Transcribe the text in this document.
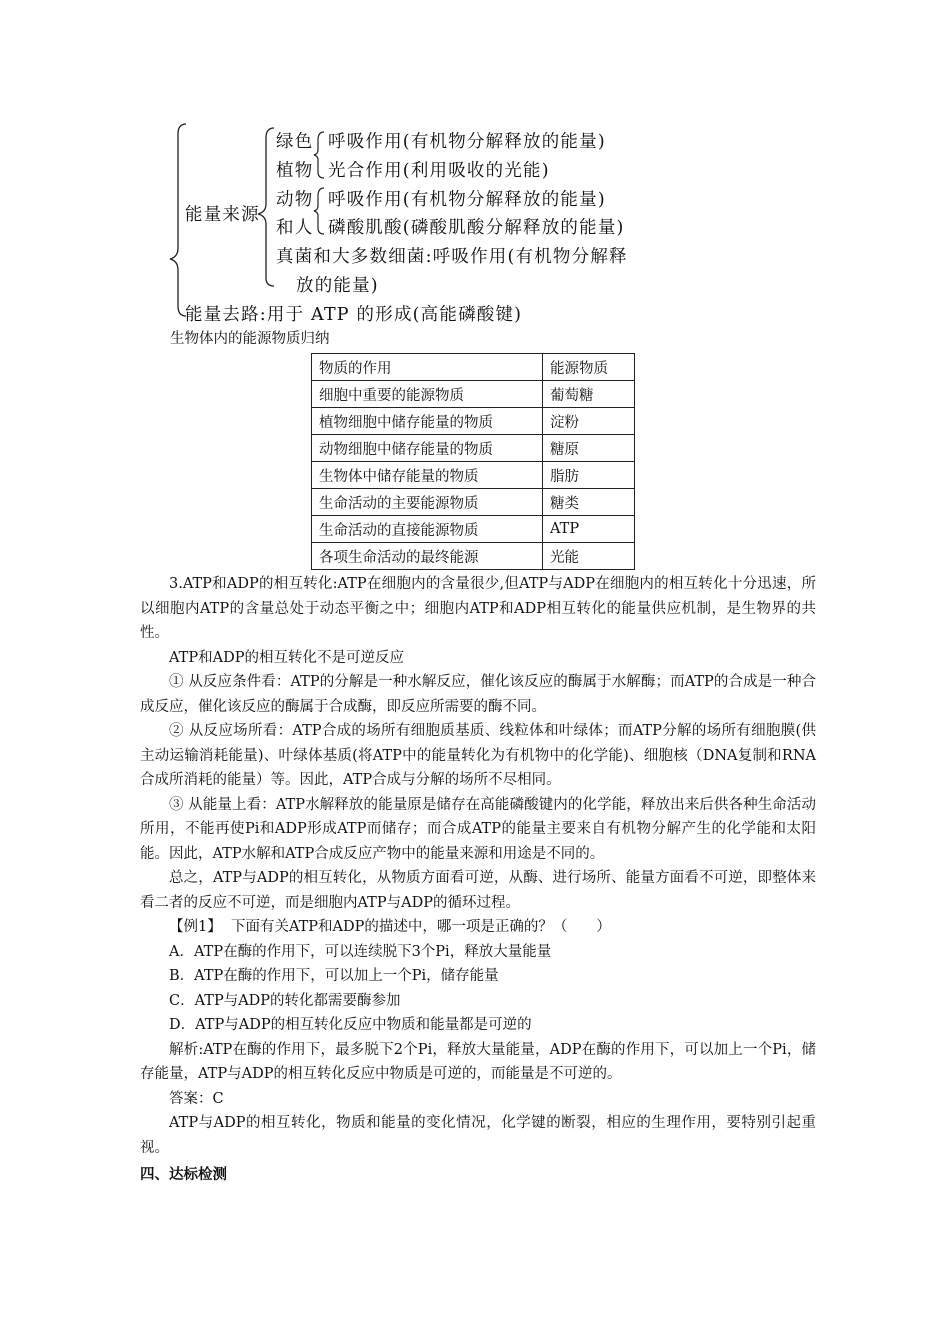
能量来源
绿色
植物
呼吸作用(有机物分解释放的能量)
光合作用(利用吸收的光能)
动物
和人
呼吸作用(有机物分解释放的能量)
磷酸肌酸(磷酸肌酸分解释放的能量)
真菌和大多数细菌:呼吸作用(有机物分解释
放的能量)
能量去路:用于 ATP 的形成(高能磷酸键)
生物体内的能源物质归纳
物质的作用	能源物质
细胞中重要的能源物质	葡萄糖
植物细胞中储存能量的物质	淀粉
动物细胞中储存能量的物质	糖原
生物体中储存能量的物质	脂肪
生命活动的主要能源物质	糖类
生命活动的直接能源物质	ATP
各项生命活动的最终能源	光能

3.ATP和ADP的相互转化:ATP在细胞内的含量很少,但ATP与ADP在细胞内的相互转化十分迅速，所以细胞内ATP的含量总处于动态平衡之中；细胞内ATP和ADP相互转化的能量供应机制，是生物界的共性。

ATP和ADP的相互转化不是可逆反应

① 从反应条件看：ATP的分解是一种水解反应，催化该反应的酶属于水解酶；而ATP的合成是一种合成反应，催化该反应的酶属于合成酶，即反应所需要的酶不同。

② 从反应场所看：ATP合成的场所有细胞质基质、线粒体和叶绿体；而ATP分解的场所有细胞膜(供主动运输消耗能量)、叶绿体基质(将ATP中的能量转化为有机物中的化学能)、细胞核（DNA复制和RNA合成所消耗的能量）等。因此，ATP合成与分解的场所不尽相同。

③ 从能量上看：ATP水解释放的能量原是储存在高能磷酸键内的化学能，释放出来后供各种生命活动所用，不能再使Pi和ADP形成ATP而储存；而合成ATP的能量主要来自有机物分解产生的化学能和太阳能。因此，ATP水解和ATP合成反应产物中的能量来源和用途是不同的。

总之，ATP与ADP的相互转化，从物质方面看可逆，从酶、进行场所、能量方面看不可逆，即整体来看二者的反应不可逆，而是细胞内ATP与ADP的循环过程。

【例1】 下面有关ATP和ADP的描述中，哪一项是正确的？（　　）

A．ATP在酶的作用下，可以连续脱下3个Pi，释放大量能量

B．ATP在酶的作用下，可以加上一个Pi，储存能量

C．ATP与ADP的转化都需要酶参加

D．ATP与ADP的相互转化反应中物质和能量都是可逆的

解析:ATP在酶的作用下，最多脱下2个Pi，释放大量能量，ADP在酶的作用下，可以加上一个Pi，储存能量，ATP与ADP的相互转化反应中物质是可逆的，而能量是不可逆的。

答案：C

ATP与ADP的相互转化，物质和能量的变化情况，化学键的断裂，相应的生理作用，要特别引起重视。

四、达标检测
